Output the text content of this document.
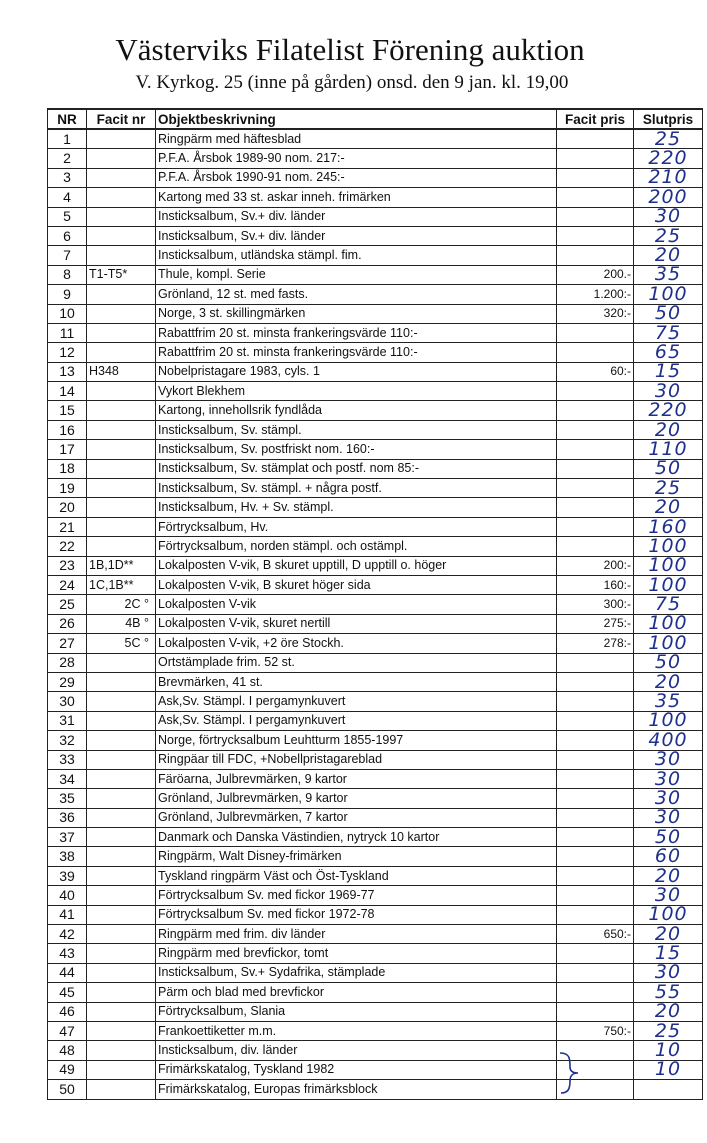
Västerviks Filatelist Förening auktion
V. Kyrkog. 25 (inne på gården) onsd. den 9 jan. kl. 19,00
NR	Facit nr	Objektbeskrivning	Facit pris	Slutpris
1		Ringpärm med häftesblad		25
2		P.F.A. Årsbok 1989-90 nom. 217:-		220
3		P.F.A. Årsbok 1990-91 nom. 245:-		210
4		Kartong med 33 st. askar inneh. frimärken		200
5		Insticksalbum, Sv.+ div. länder		30
6		Insticksalbum, Sv.+ div. länder		25
7		Insticksalbum, utländska stämpl. fim.		20
8	T1-T5*	Thule, kompl. Serie	200.-	35
9		Grönland, 12 st. med fasts.	1.200:-	100
10		Norge, 3 st. skillingmärken	320:-	50
11		Rabattfrim 20 st. minsta frankeringsvärde 110:-		75
12		Rabattfrim 20 st. minsta frankeringsvärde 110:-		65
13	H348	Nobelpristagare 1983, cyls. 1	60:-	15
14		Vykort Blekhem		30
15		Kartong, innehollsrik fyndlåda		220
16		Insticksalbum, Sv. stämpl.		20
17		Insticksalbum, Sv. postfriskt nom. 160:-		110
18		Insticksalbum, Sv. stämplat och postf. nom 85:-		50
19		Insticksalbum, Sv. stämpl. + några postf.		25
20		Insticksalbum, Hv. + Sv. stämpl.		20
21		Förtrycksalbum, Hv.		160
22		Förtrycksalbum, norden stämpl. och ostämpl.		100
23	1B,1D**	Lokalposten V-vik, B skuret upptill, D upptill o. höger	200:-	100
24	1C,1B**	Lokalposten V-vik, B skuret höger sida	160:-	100
25	2C °	Lokalposten V-vik	300:-	75
26	4B °	Lokalposten V-vik, skuret nertill	275:-	100
27	5C °	Lokalposten V-vik, +2 öre Stockh.	278:-	100
28		Ortstämplade frim. 52 st.		50
29		Brevmärken, 41 st.		20
30		Ask,Sv. Stämpl. I pergamynkuvert		35
31		Ask,Sv. Stämpl. I pergamynkuvert		100
32		Norge, förtrycksalbum Leuhtturm 1855-1997		400
33		Ringpäar till FDC, +Nobellpristagareblad		30
34		Färöarna, Julbrevmärken, 9 kartor		30
35		Grönland, Julbrevmärken, 9 kartor		30
36		Grönland, Julbrevmärken, 7 kartor		30
37		Danmark och Danska Västindien, nytryck 10 kartor		50
38		Ringpärm, Walt Disney-frimärken		60
39		Tyskland ringpärm Väst och Öst-Tyskland		20
40		Förtrycksalbum Sv. med fickor 1969-77		30
41		Förtrycksalbum Sv. med fickor 1972-78		100
42		Ringpärm med frim. div länder	650:-	20
43		Ringpärm med brevfickor, tomt		15
44		Insticksalbum, Sv.+ Sydafrika, stämplade		30
45		Pärm och blad med brevfickor		55
46		Förtrycksalbum, Slania		20
47		Frankoettiketter m.m.	750:-	25
48		Insticksalbum, div. länder		10
49		Frimärkskatalog, Tyskland 1982		10
50		Frimärkskatalog, Europas frimärksblock		
